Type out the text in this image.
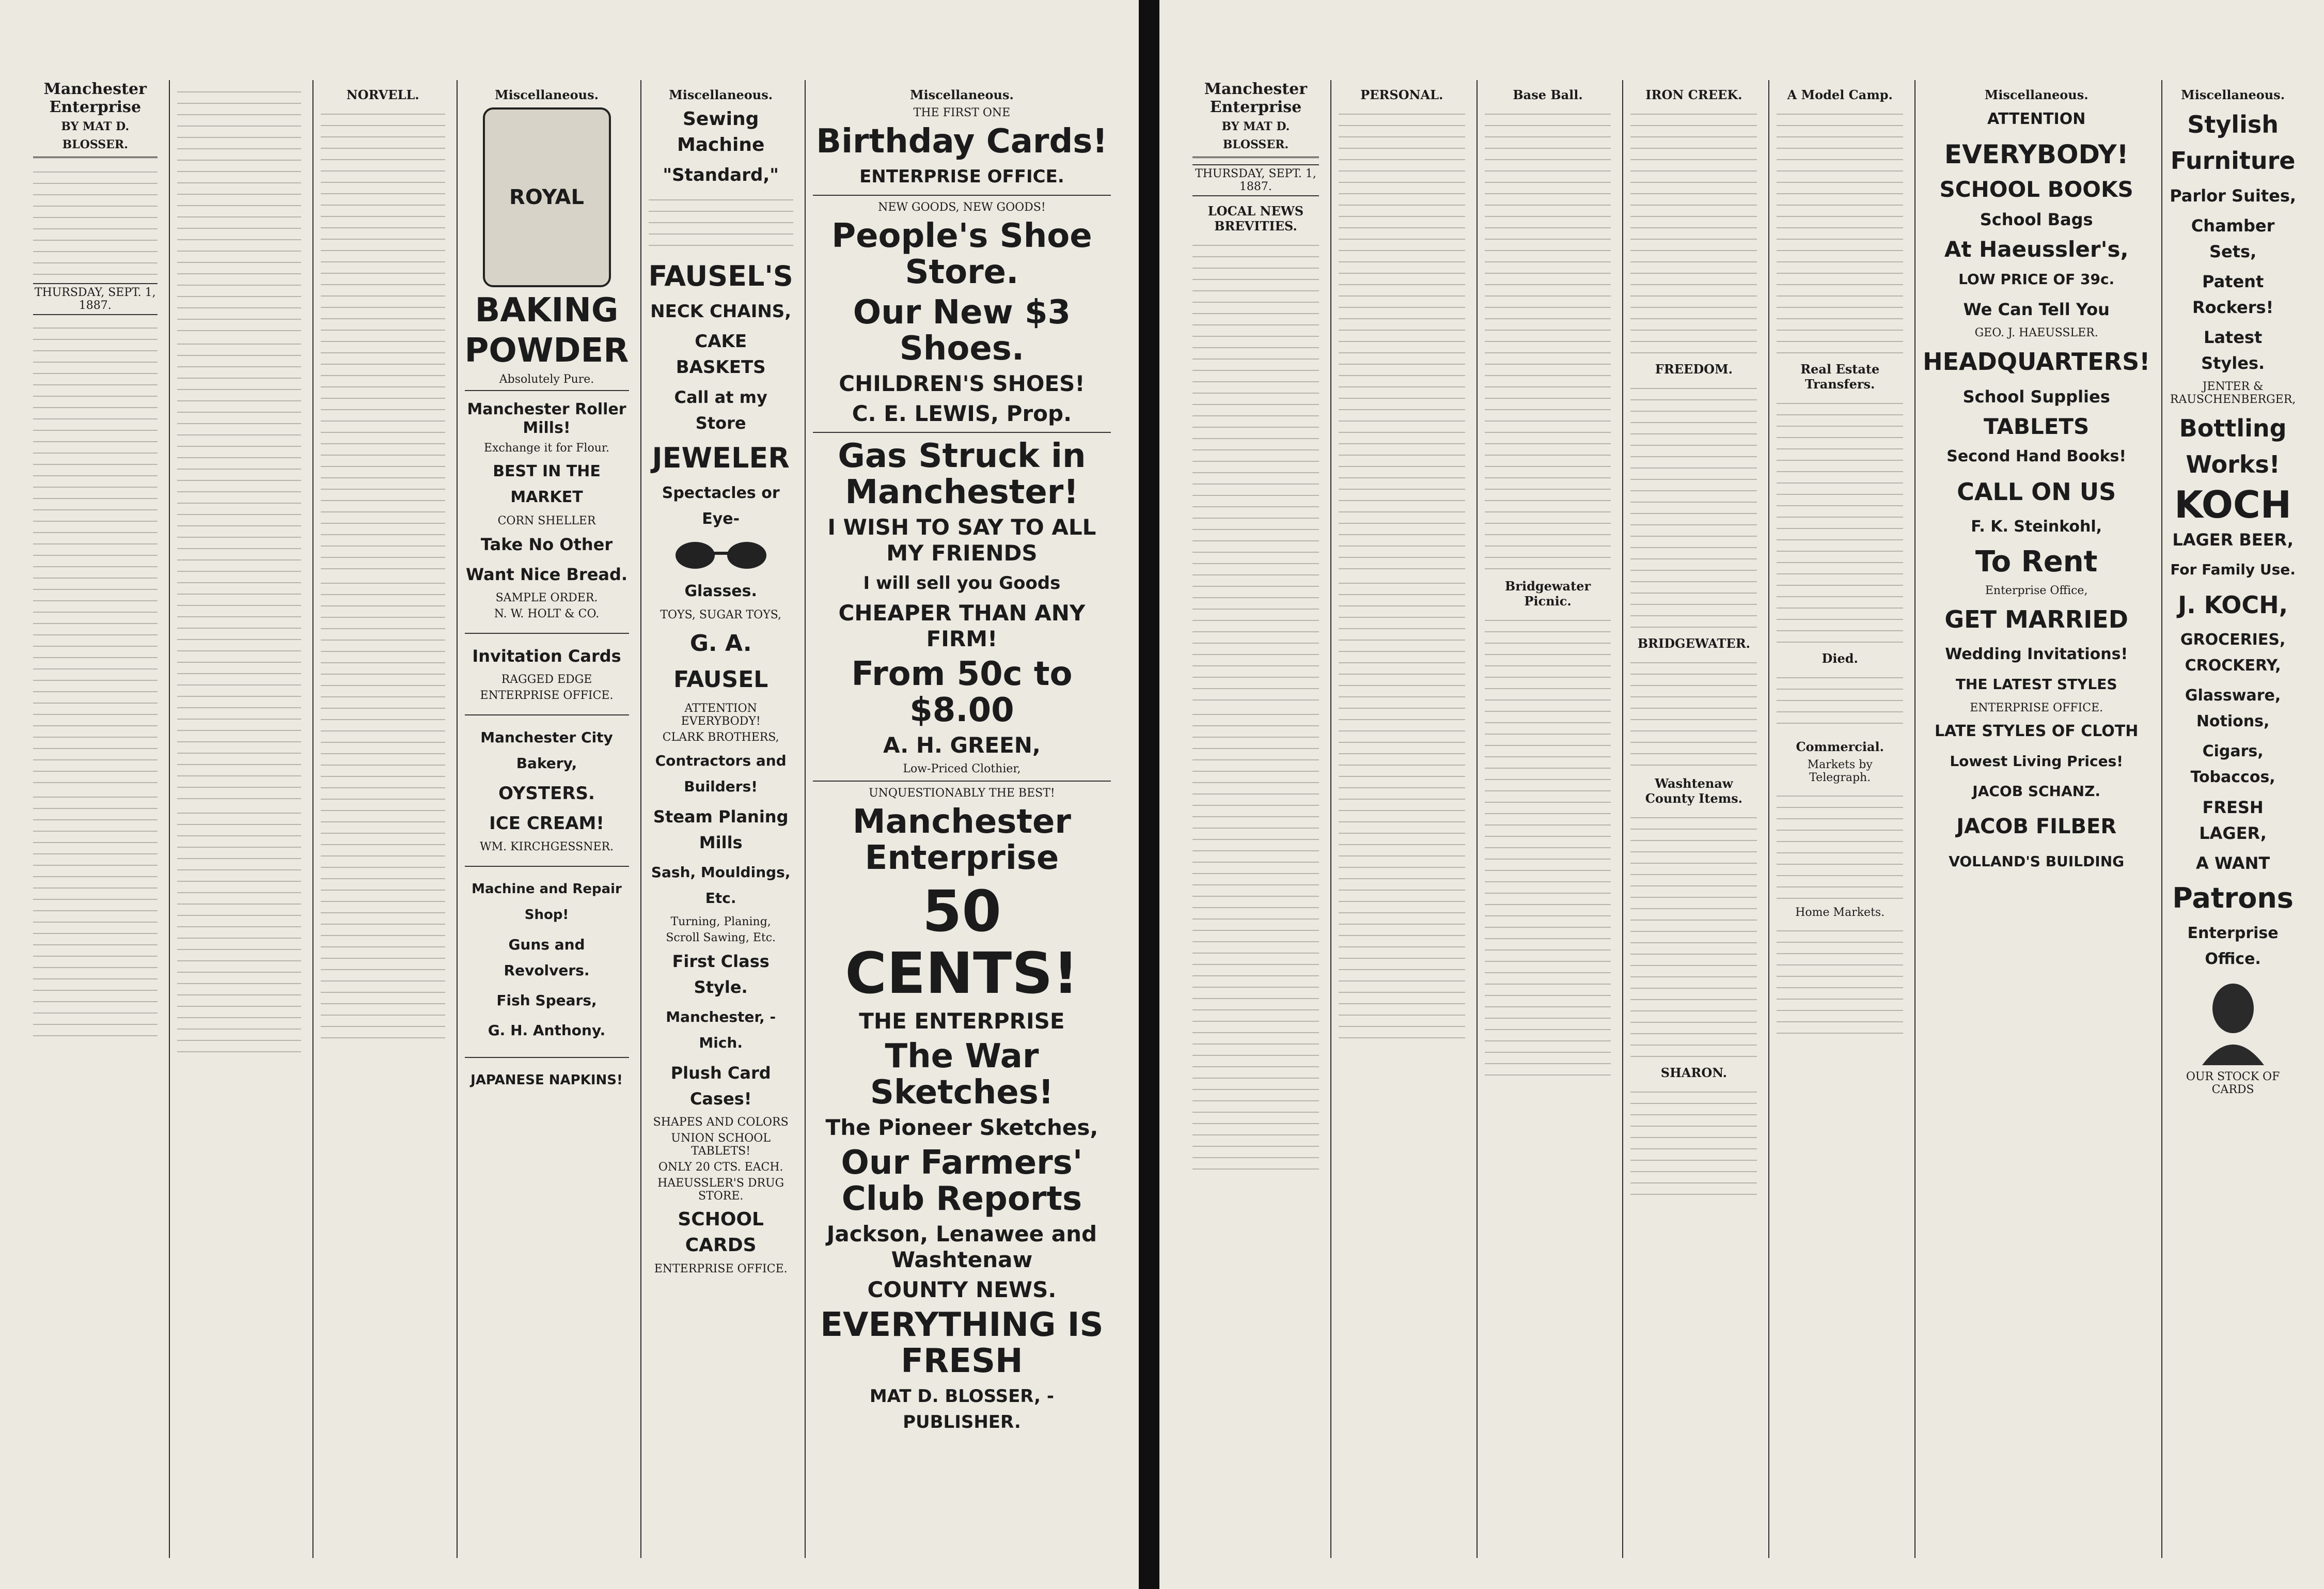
Manchester Enterprise
BY MAT D. BLOSSER.
THURSDAY, SEPT. 1, 1887.
NORVELL.	Miscellaneous.
ROYAL
BAKING
POWDER
Absolutely Pure.
Manchester Roller Mills!
Exchange it for Flour.
BEST IN THE MARKET
CORN SHELLER
Take No Other
Want Nice Bread.
SAMPLE ORDER.
N. W. HOLT & CO.
Invitation Cards
RAGGED EDGE
ENTERPRISE OFFICE.
Manchester City Bakery,
OYSTERS.
ICE CREAM!
WM. KIRCHGESSNER.
Machine and Repair Shop!
Guns and Revolvers.
Fish Spears,
G. H. Anthony.
JAPANESE NAPKINS!
Miscellaneous.
Sewing Machine
"Standard,"
FAUSEL'S
NECK CHAINS,
CAKE BASKETS
Call at my Store
JEWELER
Spectacles or Eye-
Glasses.
TOYS, SUGAR TOYS,
G. A. FAUSEL
ATTENTION EVERYBODY!
CLARK BROTHERS,
Contractors and Builders!
Steam Planing Mills
Sash, Mouldings, Etc.
Turning, Planing,
Scroll Sawing, Etc.
First Class Style.
Manchester, - Mich.
Plush Card Cases!
SHAPES AND COLORS
UNION SCHOOL TABLETS!
ONLY 20 CTS. EACH.
HAEUSSLER'S DRUG STORE.
SCHOOL CARDS
ENTERPRISE OFFICE.
Miscellaneous.
THE FIRST ONE
Birthday Cards!
ENTERPRISE OFFICE.
NEW GOODS, NEW GOODS!
People's Shoe Store.
Our New $3 Shoes.
CHILDREN'S SHOES!
C. E. LEWIS, Prop.
Gas Struck in Manchester!
I WISH TO SAY TO ALL MY FRIENDS
I will sell you Goods
CHEAPER THAN ANY FIRM!
From 50c to $8.00
A. H. GREEN,
Low-Priced Clothier,
UNQUESTIONABLY THE BEST!
Manchester Enterprise
50 CENTS!
THE ENTERPRISE
The War Sketches!
The Pioneer Sketches,
Our Farmers' Club Reports
Jackson, Lenawee and Washtenaw
COUNTY NEWS.
EVERYTHING IS FRESH
MAT D. BLOSSER, - PUBLISHER.
Manchester Enterprise
BY MAT D. BLOSSER.
THURSDAY, SEPT. 1, 1887.
LOCAL NEWS BREVITIES.
PERSONAL.	Base Ball.
Bridgewater Picnic.
IRON CREEK.
FREEDOM.
BRIDGEWATER.
Washtenaw County Items.
SHARON.
A Model Camp.
Real Estate Transfers.
Died.
Commercial.
Markets by Telegraph.
Home Markets.
Miscellaneous.
ATTENTION
EVERYBODY!
SCHOOL BOOKS
School Bags
At Haeussler's,
LOW PRICE OF 39c.
We Can Tell You
GEO. J. HAEUSSLER.
HEADQUARTERS!
School Supplies
TABLETS
Second Hand Books!
CALL ON US
F. K. Steinkohl,
To Rent
Enterprise Office,
GET MARRIED
Wedding Invitations!
THE LATEST STYLES
ENTERPRISE OFFICE.
LATE STYLES OF CLOTH
Lowest Living Prices!
JACOB SCHANZ.
JACOB FILBER
VOLLAND'S BUILDING
Miscellaneous.
Stylish Furniture
Parlor Suites,
Chamber Sets,
Patent Rockers!
Latest Styles.
JENTER & RAUSCHENBERGER,
Bottling Works!
KOCH
LAGER BEER,
For Family Use.
J. KOCH,
GROCERIES, CROCKERY,
Glassware, Notions,
Cigars, Tobaccos,
FRESH LAGER,
A WANT
Patrons
Enterprise Office.
OUR STOCK OF CARDS
